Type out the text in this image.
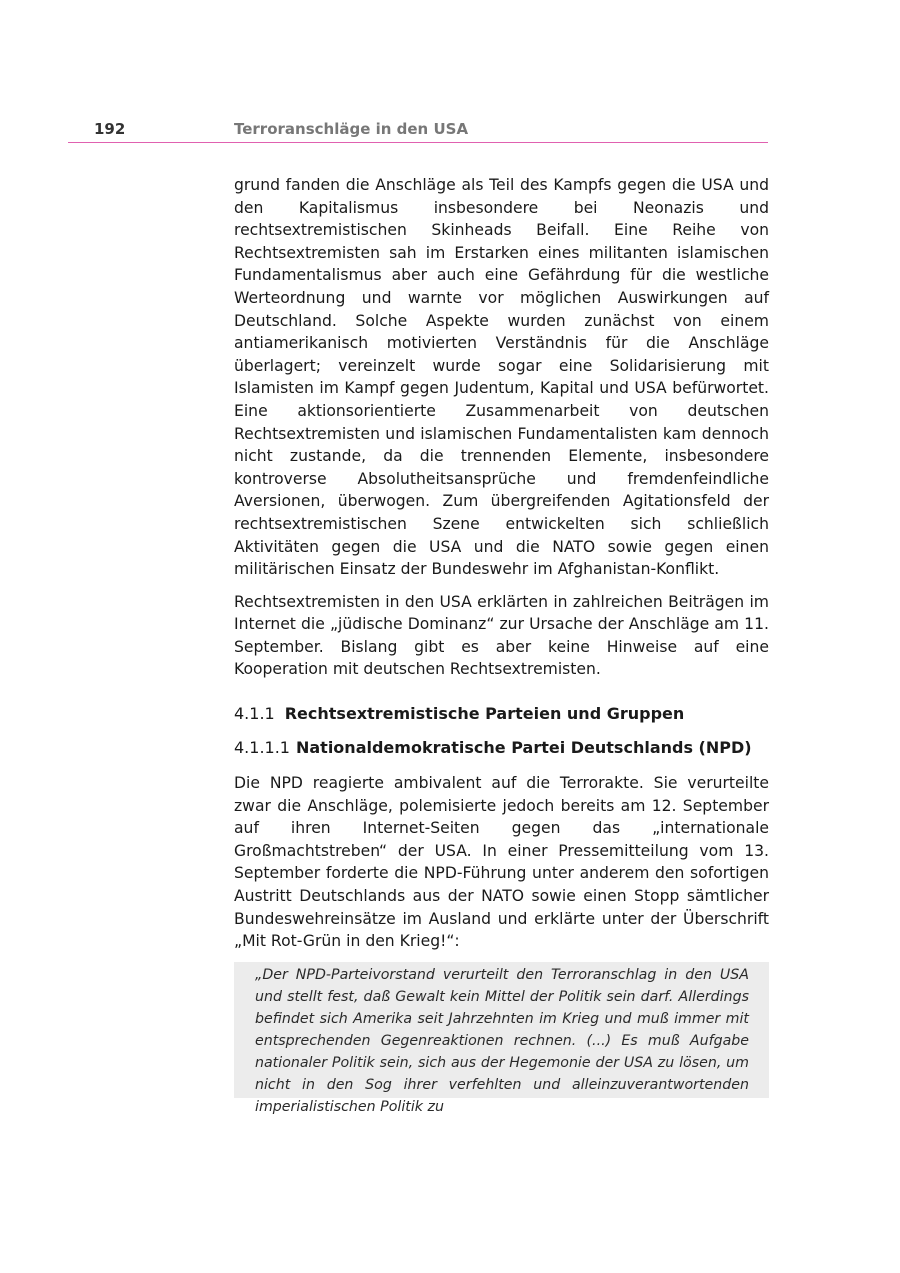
192	Terroranschläge in den USA

grund fanden die Anschläge als Teil des Kampfs gegen die USA und den Kapitalismus insbesondere bei Neonazis und rechtsextremistischen Skinheads Beifall. Eine Reihe von Rechtsextremisten sah im Erstarken eines militanten islamischen Fundamentalismus aber auch eine Gefährdung für die westliche Werteordnung und warnte vor möglichen Auswirkungen auf Deutschland. Solche Aspekte wurden zunächst von einem antiamerikanisch motivierten Verständnis für die Anschläge überlagert; vereinzelt wurde sogar eine Solidarisierung mit Islamisten im Kampf gegen Judentum, Kapital und USA befürwortet. Eine aktionsorientierte Zusammenarbeit von deutschen Rechtsextremisten und islamischen Fundamentalisten kam dennoch nicht zustande, da die trennenden Elemente, insbesondere kontroverse Absolutheitsansprüche und fremdenfeindliche Aversionen, überwogen. Zum übergreifenden Agitationsfeld der rechtsextremistischen Szene entwickelten sich schließlich Aktivitäten gegen die USA und die NATO sowie gegen einen militärischen Einsatz der Bundeswehr im Afghanistan-Konflikt.

Rechtsextremisten in den USA erklärten in zahlreichen Beiträgen im Internet die „jüdische Dominanz“ zur Ursache der Anschläge am 11. September. Bislang gibt es aber keine Hinweise auf eine Kooperation mit deutschen Rechtsextremisten.

4.1.1 Rechtsextremistische Parteien und Gruppen
4.1.1.1 Nationaldemokratische Partei Deutschlands (NPD)

Die NPD reagierte ambivalent auf die Terrorakte. Sie verurteilte zwar die Anschläge, polemisierte jedoch bereits am 12. September auf ihren Internet-Seiten gegen das „internationale Großmachtstreben“ der USA. In einer Pressemitteilung vom 13. September forderte die NPD-Führung unter anderem den sofortigen Austritt Deutschlands aus der NATO sowie einen Stopp sämtlicher Bundeswehreinsätze im Ausland und erklärte unter der Überschrift „Mit Rot-Grün in den Krieg!“:

„Der NPD-Parteivorstand verurteilt den Terroranschlag in den USA und stellt fest, daß Gewalt kein Mittel der Politik sein darf. Allerdings befindet sich Amerika seit Jahrzehnten im Krieg und muß immer mit entsprechenden Gegenreaktionen rechnen. (...) Es muß Aufgabe nationaler Politik sein, sich aus der Hegemonie der USA zu lösen, um nicht in den Sog ihrer verfehlten und alleinzuverantwortenden imperialistischen Politik zu
